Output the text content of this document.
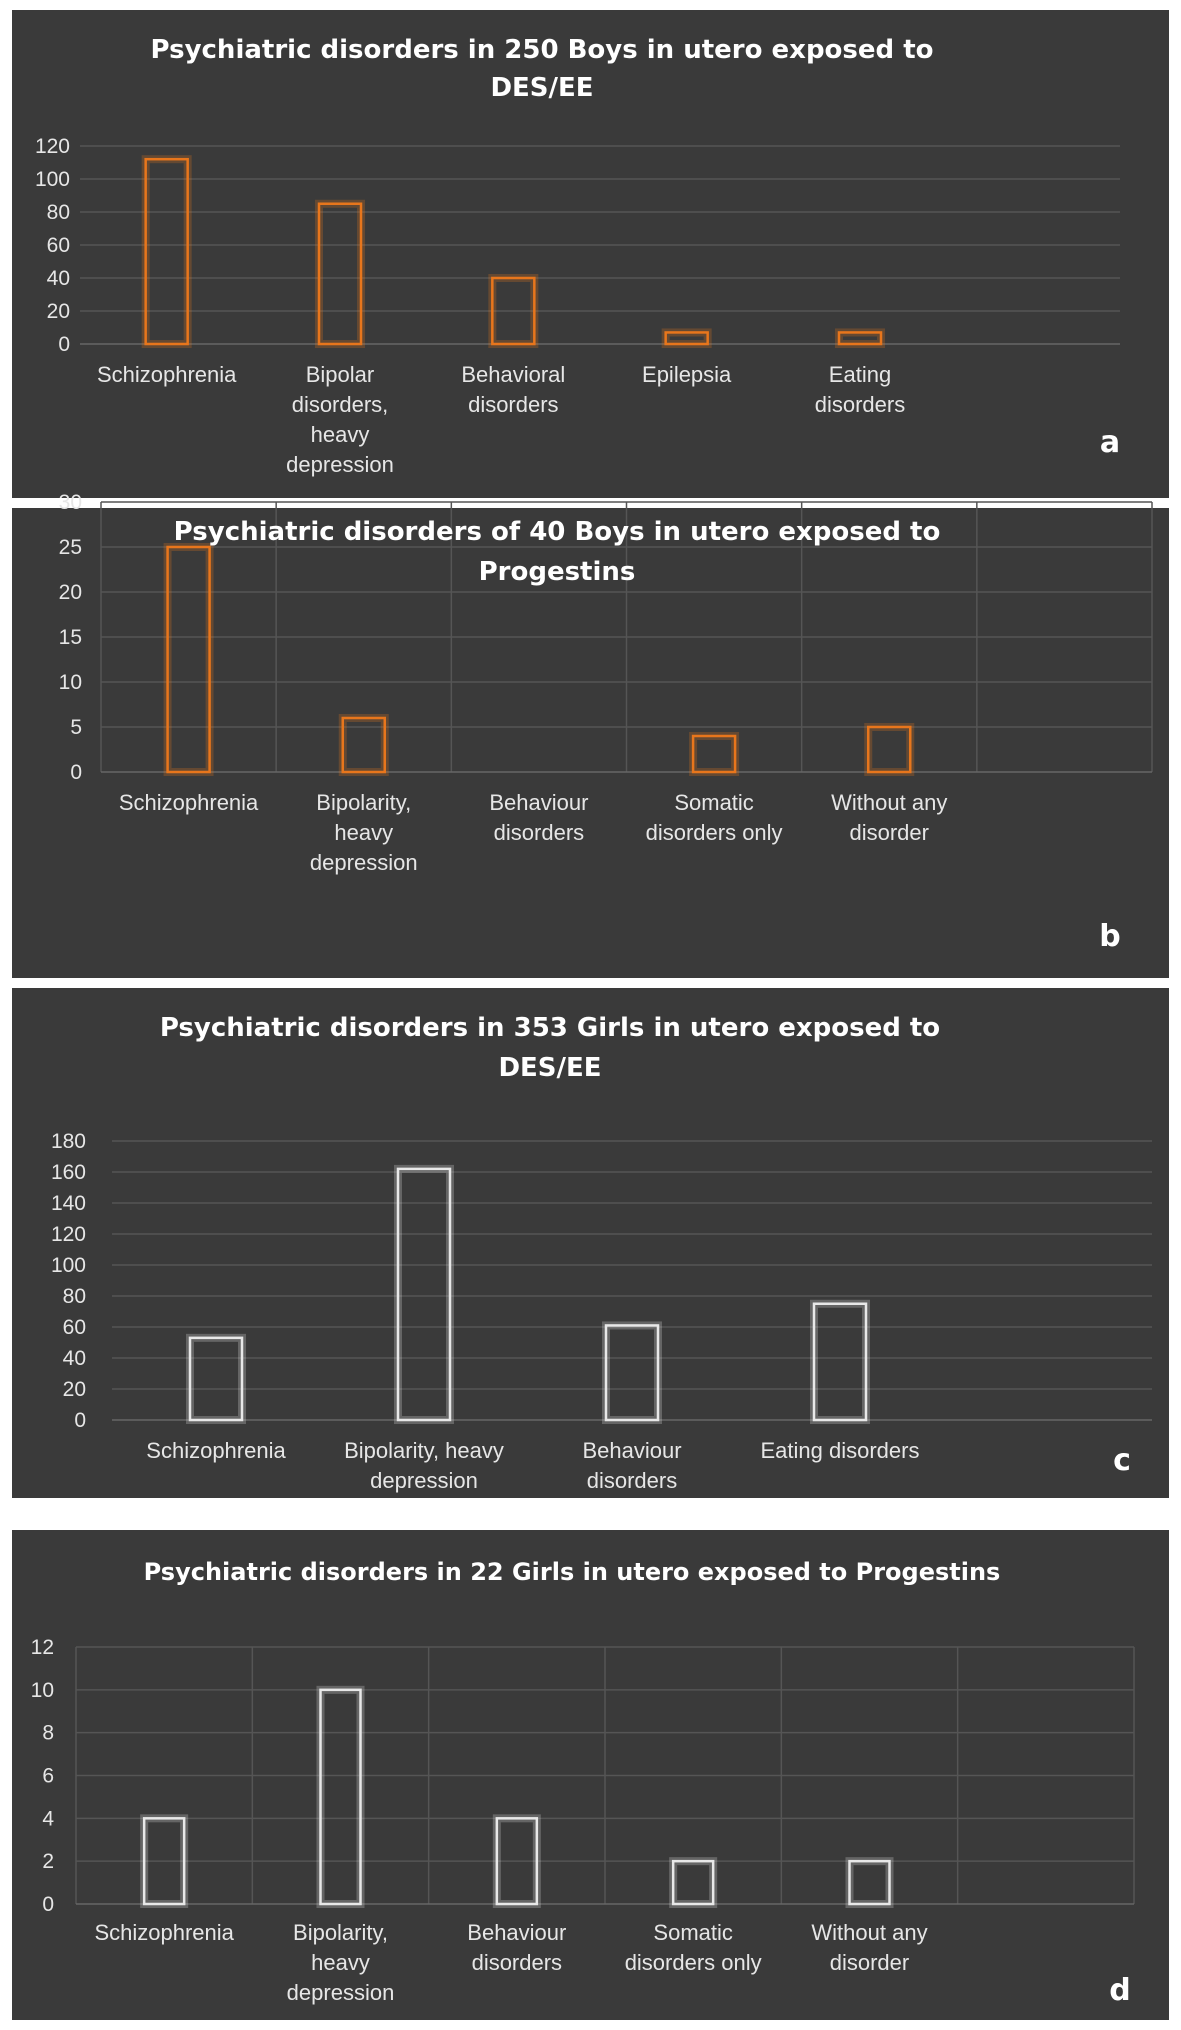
0
20
40
60
80
100
120
Schizophrenia	Bipolar
disorders,
heavy
depression
Behavioral
disorders
Epilepsia	Eating
disorders
Psychiatric disorders in 250 Boys in utero exposed to
DES/EE
a
0
5
10
15
20
25
30
Schizophrenia	Bipolarity,
heavy
depression
Behaviour
disorders
Somatic
disorders only
Without any
disorder
Psychiatric disorders of 40 Boys in utero exposed to
Progestins
b
0
20
40
60
80
100
120
140
160
180
Schizophrenia	Bipolarity, heavy
depression
Behaviour
disorders
Eating disorders
Psychiatric disorders in 353 Girls in utero exposed to
DES/EE
c
0
2
4
6
8
10
12
Schizophrenia	Bipolarity,
heavy
depression
Behaviour
disorders
Somatic
disorders only
Without any
disorder
Psychiatric disorders in 22 Girls in utero exposed to Progestins
d
